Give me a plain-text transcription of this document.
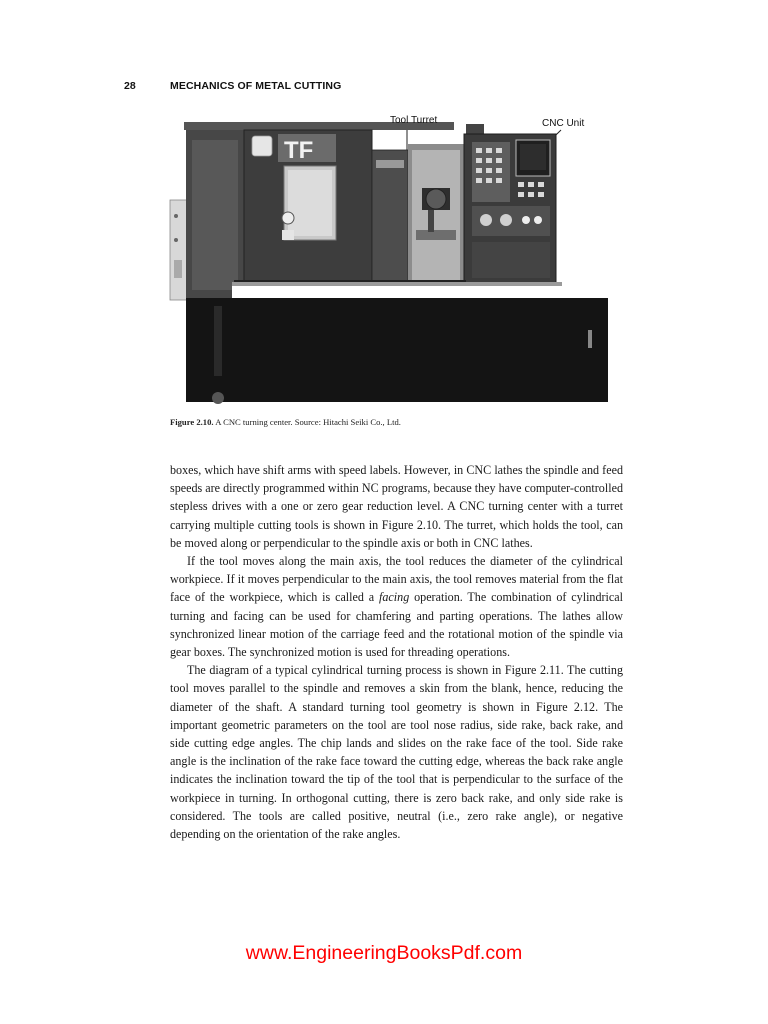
28	MECHANICS OF METAL CUTTING
TF
Tool Turret	CNC Unit
Figure 2.10. A CNC turning center. Source: Hitachi Seiki Co., Ltd.

boxes, which have shift arms with speed labels. However, in CNC lathes the spindle and feed speeds are directly programmed within NC programs, because they have computer-controlled stepless drives with a one or zero gear reduction level. A CNC turning center with a turret carrying multiple cutting tools is shown in Figure 2.10. The turret, which holds the tool, can be moved along or perpendicular to the spindle axis or both in CNC lathes.

If the tool moves along the main axis, the tool reduces the diameter of the cylindrical workpiece. If it moves perpendicular to the main axis, the tool removes material from the flat face of the workpiece, which is called a facing operation. The combination of cylindrical turning and facing can be used for chamfering and parting operations. The lathes allow synchronized linear motion of the carriage feed and the rotational motion of the spindle via gear boxes. The synchronized motion is used for threading operations.

The diagram of a typical cylindrical turning process is shown in Figure 2.11. The cutting tool moves parallel to the spindle and removes a skin from the blank, hence, reducing the diameter of the shaft. A standard turning tool geometry is shown in Figure 2.12. The important geometric parameters on the tool are tool nose radius, side rake, back rake, and side cutting edge angles. The chip lands and slides on the rake face of the tool. Side rake angle is the inclination of the rake face toward the cutting edge, whereas the back rake angle indicates the inclination toward the tip of the tool that is perpendicular to the surface of the workpiece in turning. In orthogonal cutting, there is zero back rake, and only side rake is considered. The tools are called positive, neutral (i.e., zero rake angle), or negative depending on the orientation of the rake angles.

www.EngineeringBooksPdf.com
